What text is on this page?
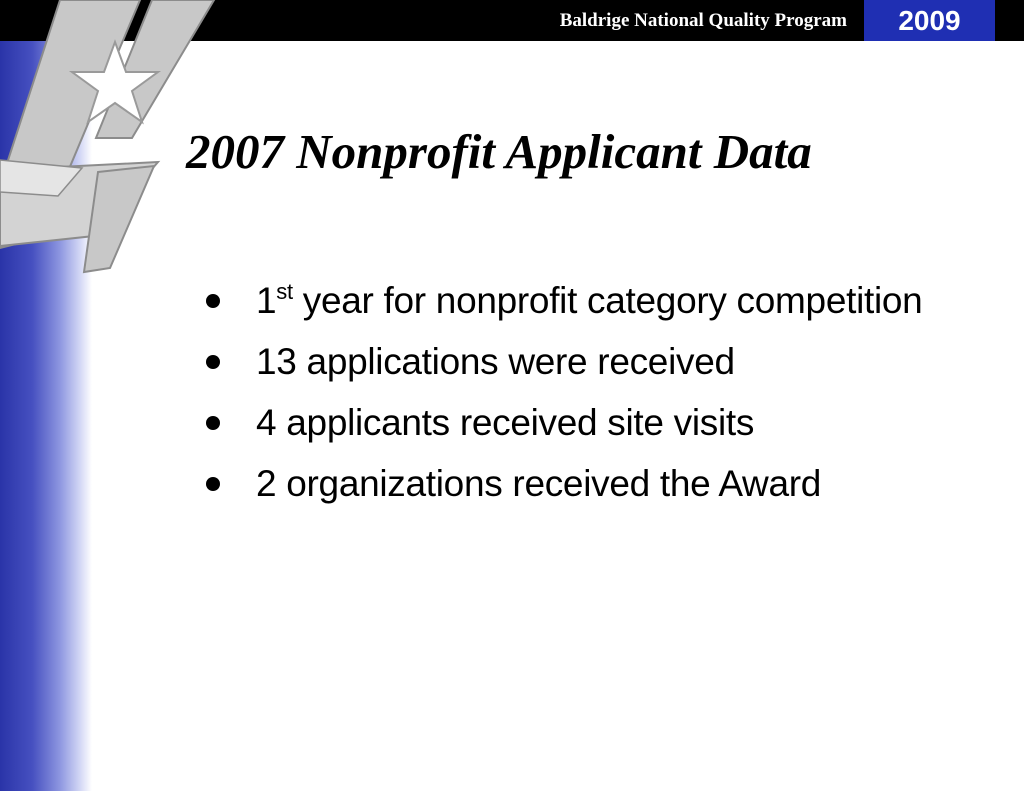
Baldrige National Quality Program	2009
2007 Nonprofit Applicant Data
1st year for nonprofit category competition
13 applications were received
4 applicants received site visits
2 organizations received the Award
